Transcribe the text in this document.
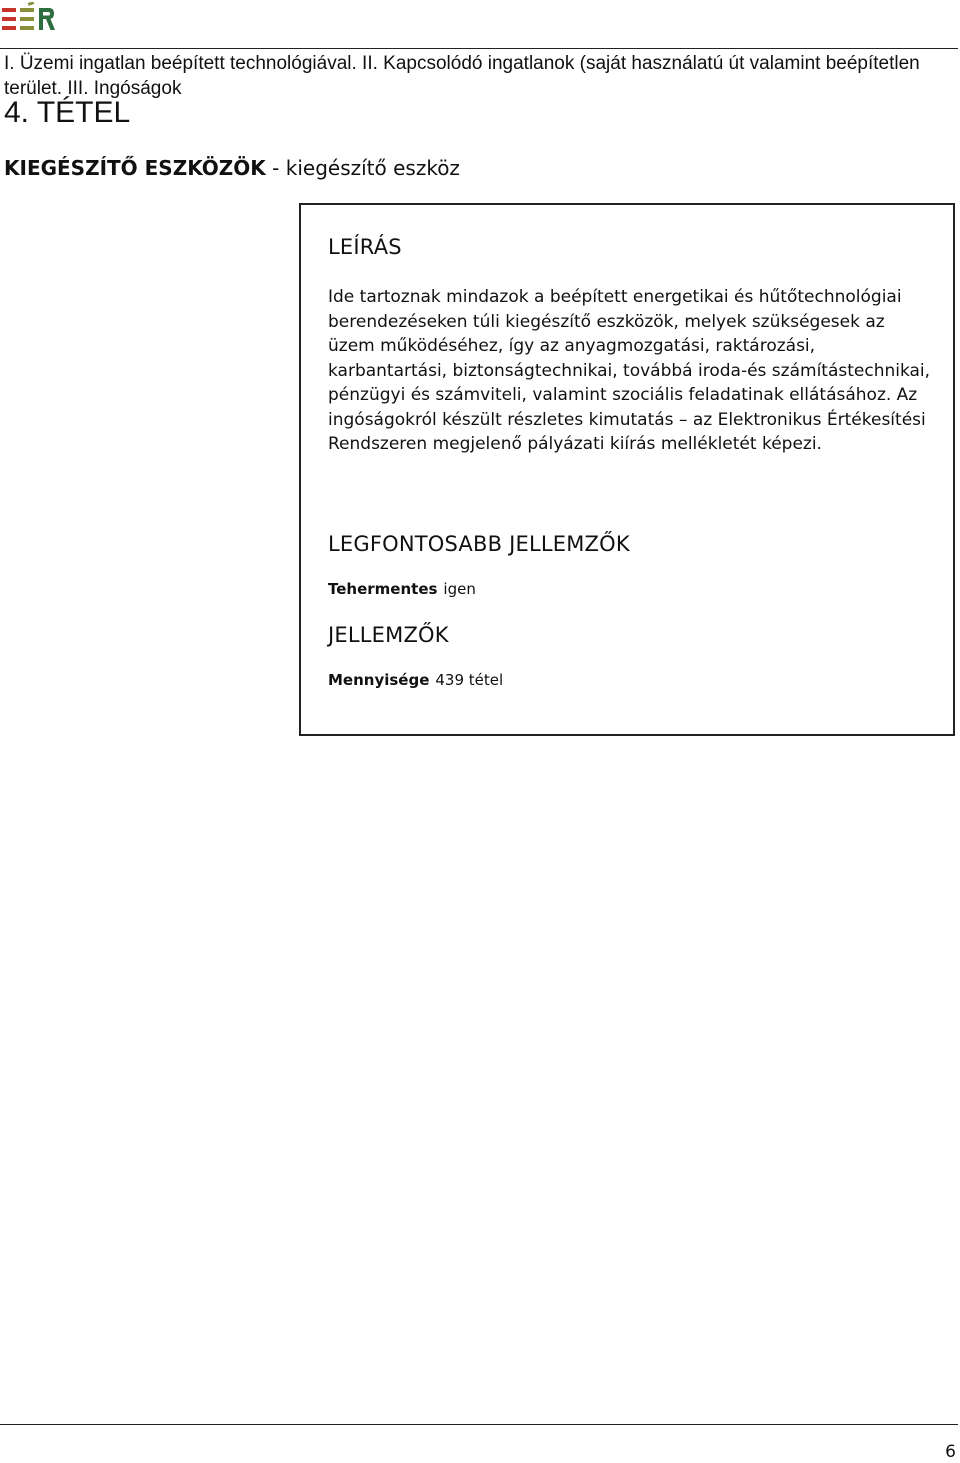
I. Üzemi ingatlan beépített technológiával. II. Kapcsolódó ingatlanok (saját használatú út valamint beépítetlen terület. III. Ingóságok
4. TÉTEL
KIEGÉSZÍTŐ ESZKÖZÖK - kiegészítő eszköz
LEÍRÁS
Ide tartoznak mindazok a beépített energetikai és hűtőtechnológiai berendezéseken túli kiegészítő eszközök, melyek szükségesek az üzem működéséhez, így az anyagmozgatási, raktározási, karbantartási, biztonságtechnikai, továbbá iroda-és számítástechnikai, pénzügyi és számviteli, valamint szociális feladatinak ellátásához. Az ingóságokról készült részletes kimutatás – az Elektronikus Értékesítési Rendszeren megjelenő pályázati kiírás mellékletét képezi.
LEGFONTOSABB JELLEMZŐK
Tehermentes igen
JELLEMZŐK
Mennyisége 439 tétel
6
